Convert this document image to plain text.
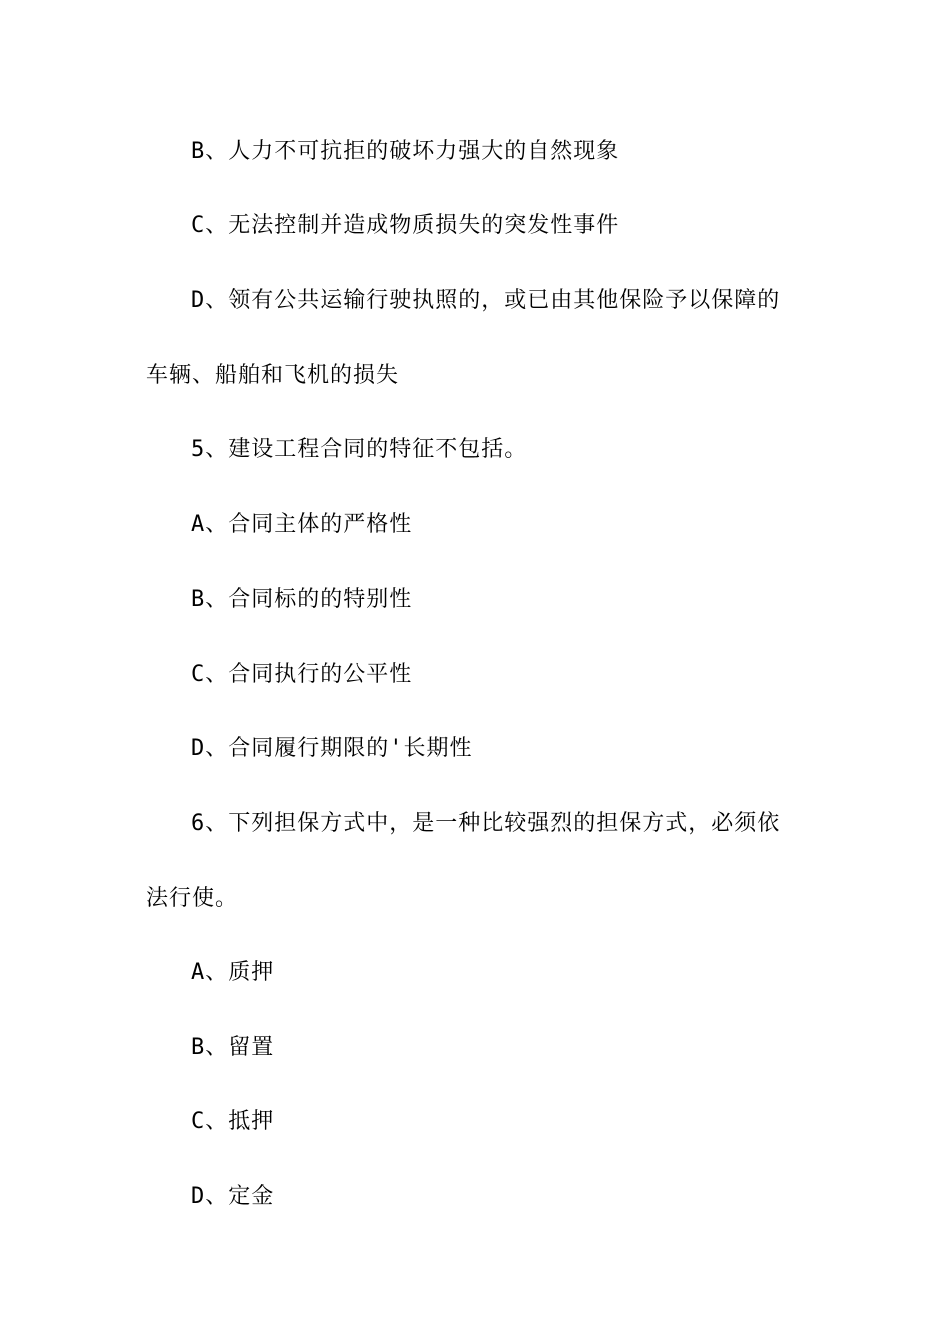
B、人力不可抗拒的破坏力强大的自然现象
C、无法控制并造成物质损失的突发性事件
D、领有公共运输行驶执照的，或已由其他保险予以保障的
车辆、船舶和飞机的损失
5、建设工程合同的特征不包括。
A、合同主体的严格性
B、合同标的的特别性
C、合同执行的公平性
D、合同履行期限的'长期性
6、下列担保方式中，是一种比较强烈的担保方式，必须依
法行使。
A、质押
B、留置
C、抵押
D、定金
